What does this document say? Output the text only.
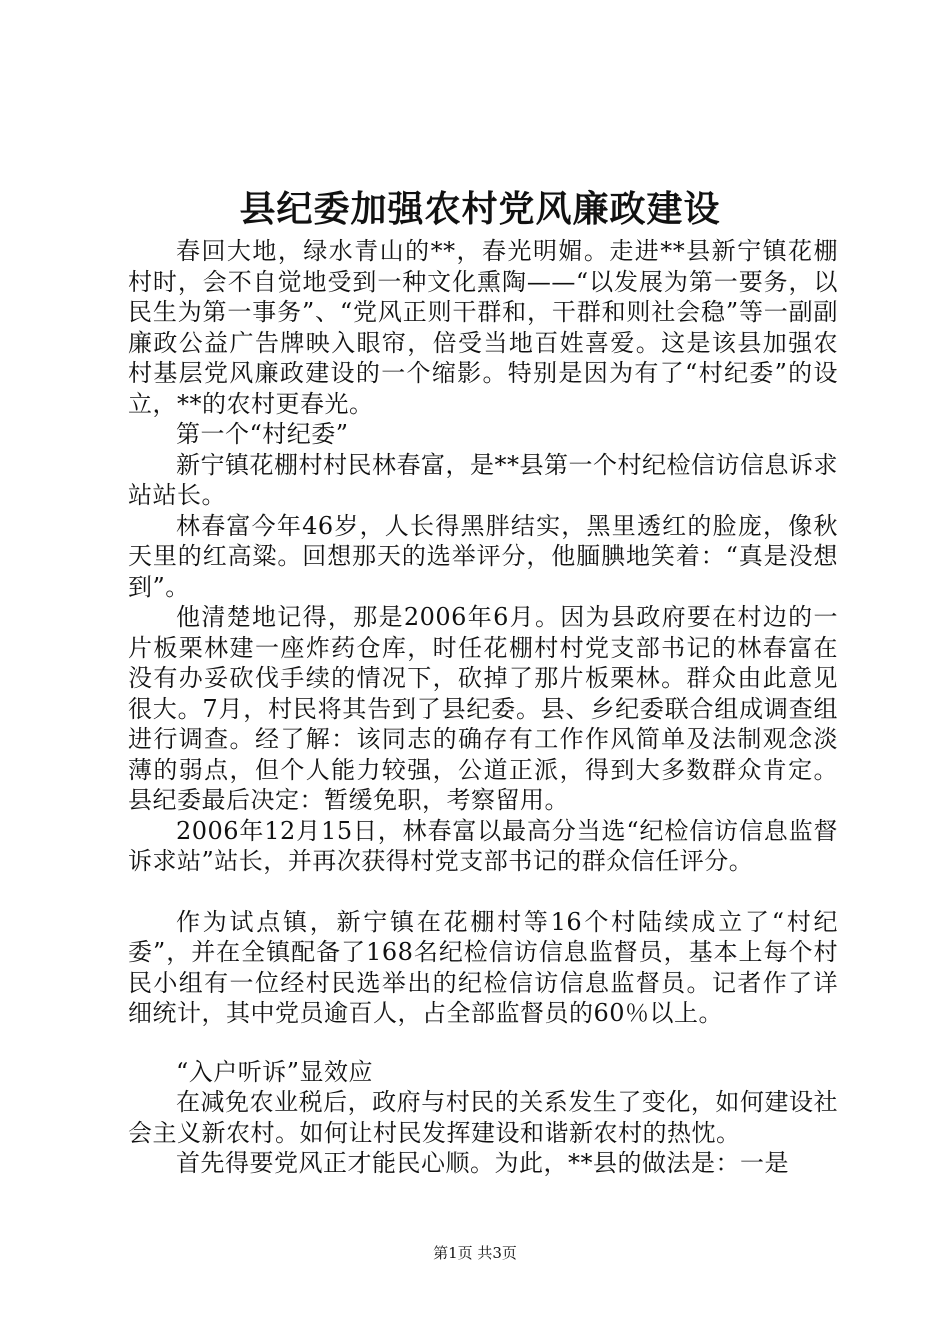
县纪委加强农村党风廉政建设

春回大地，绿水青山的**，春光明媚。走进**县新宁镇花棚村时，会不自觉地受到一种文化熏陶——“以发展为第一要务，以民生为第一事务”、“党风正则干群和，干群和则社会稳”等一副副廉政公益广告牌映入眼帘，倍受当地百姓喜爱。这是该县加强农村基层党风廉政建设的一个缩影。特别是因为有了“村纪委”的设立，**的农村更春光。

第一个“村纪委”

新宁镇花棚村村民林春富，是**县第一个村纪检信访信息诉求站站长。

林春富今年46岁，人长得黑胖结实，黑里透红的脸庞，像秋天里的红高粱。回想那天的选举评分，他腼腆地笑着：“真是没想到”。

他清楚地记得，那是2006年6月。因为县政府要在村边的一片板栗林建一座炸药仓库，时任花棚村村党支部书记的林春富在没有办妥砍伐手续的情况下，砍掉了那片板栗林。群众由此意见很大。7月，村民将其告到了县纪委。县、乡纪委联合组成调查组进行调查。经了解：该同志的确存有工作作风简单及法制观念淡薄的弱点，但个人能力较强，公道正派，得到大多数群众肯定。县纪委最后决定：暂缓免职，考察留用。

2006年12月15日，林春富以最高分当选“纪检信访信息监督诉求站”站长，并再次获得村党支部书记的群众信任评分。

作为试点镇，新宁镇在花棚村等16个村陆续成立了“村纪委”，并在全镇配备了168名纪检信访信息监督员，基本上每个村民小组有一位经村民选举出的纪检信访信息监督员。记者作了详细统计，其中党员逾百人，占全部监督员的60％以上。

“入户听诉”显效应

在减免农业税后，政府与村民的关系发生了变化，如何建设社会主义新农村。如何让村民发挥建设和谐新农村的热忱。

首先得要党风正才能民心顺。为此，**县的做法是：一是

第1页 共3页
